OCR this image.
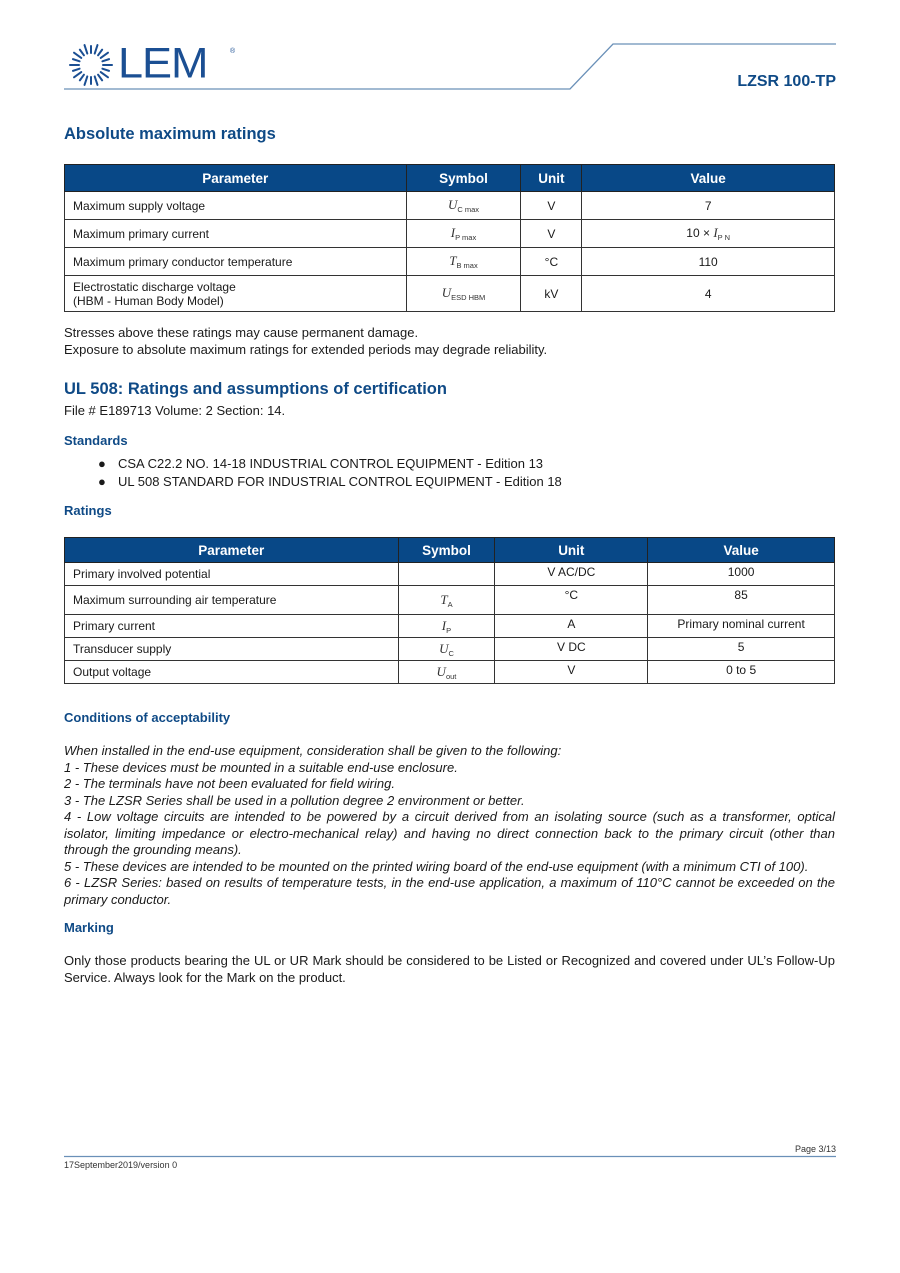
LEM	®
LZSR 100-TP
Absolute maximum ratings
Parameter	Symbol	Unit	Value

Maximum supply voltage	$U_{C max}$	V	7

Maximum primary current	$I_{P max}$	V	$10 \times I_{P N}$

Maximum primary conductor temperature	$T_{B max}$	°C	110

Electrostatic discharge voltage
(HBM - Human Body Model)	$U_{ESD HBM}$	kV	4
Stresses above these ratings may cause permanent damage.
Exposure to absolute maximum ratings for extended periods may degrade reliability.
UL 508: Ratings and assumptions of certification
File # E189713 Volume: 2 Section: 14.
Standards
● CSA C22.2 NO. 14-18 INDUSTRIAL CONTROL EQUIPMENT - Edition 13
● UL 508 STANDARD FOR INDUSTRIAL CONTROL EQUIPMENT - Edition 18
Ratings
Parameter	Symbol	Unit	Value
Primary involved potential		V AC/DC	1000
Maximum surrounding air temperature	$T_A$	°C	85
Primary current	$I_P$	A	Primary nominal current
Transducer supply	$U_C$	V DC	5
Output voltage	$U_{out}$	V	0 to 5
Conditions of acceptability
When installed in the end-use equipment, consideration shall be given to the following:
1 - These devices must be mounted in a suitable end-use enclosure.
2 - The terminals have not been evaluated for field wiring.
3 - The LZSR Series shall be used in a pollution degree 2 environment or better.
4 - Low voltage circuits are intended to be powered by a circuit derived from an isolating source (such as a transformer, optical isolator, limiting impedance or electro-mechanical relay) and having no direct connection back to the primary circuit (other than through the grounding means).
5 - These devices are intended to be mounted on the printed wiring board of the end-use equipment (with a minimum CTI of 100).
6 - LZSR Series: based on results of temperature tests, in the end-use application, a maximum of 110°C cannot be exceeded on the primary conductor.
Marking
Only those products bearing the UL or UR Mark should be considered to be Listed or Recognized and covered under UL’s Follow-Up Service. Always look for the Mark on the product.
Page 3/13
17September2019/version 0
